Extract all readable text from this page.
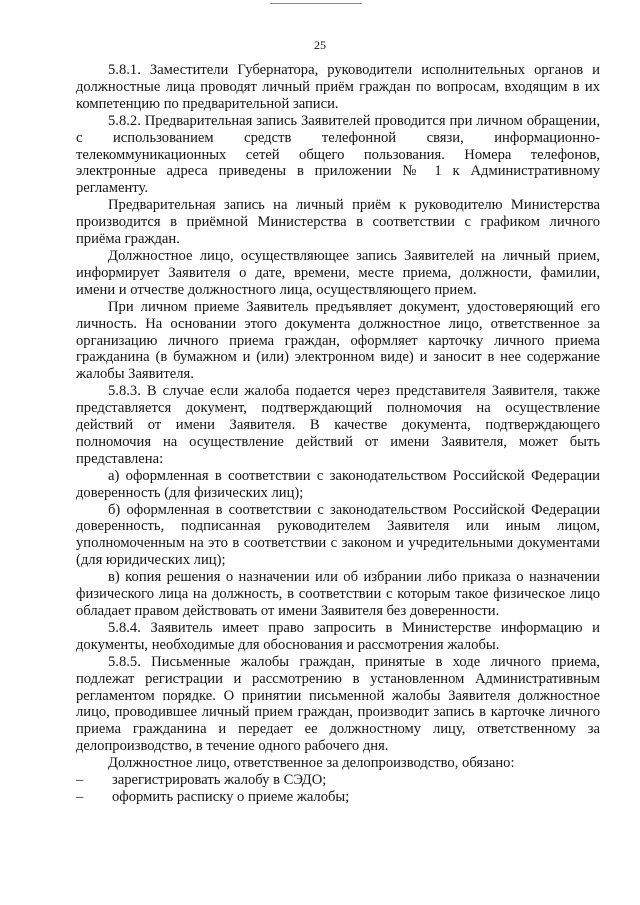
25

5.8.1. Заместители Губернатора, руководители исполнительных органов и должностные лица проводят личный приём граждан по вопросам, входящим в их компетенцию по предварительной записи.

5.8.2. Предварительная запись Заявителей проводится при личном обращении, с использованием средств телефонной связи, информационно-телекоммуникационных сетей общего пользования. Номера телефонов, электронные адреса приведены в приложении № 1 к Административному регламенту.

Предварительная запись на личный приём к руководителю Министерства производится в приёмной Министерства в соответствии с графиком личного приёма граждан.

Должностное лицо, осуществляющее запись Заявителей на личный прием, информирует Заявителя о дате, времени, месте приема, должности, фамилии, имени и отчестве должностного лица, осуществляющего прием.

При личном приеме Заявитель предъявляет документ, удостоверяющий его личность. На основании этого документа должностное лицо, ответственное за организацию личного приема граждан, оформляет карточку личного приема гражданина (в бумажном и (или) электронном виде) и заносит в нее содержание жалобы Заявителя.

5.8.3. В случае если жалоба подается через представителя Заявителя, также представляется документ, подтверждающий полномочия на осуществление действий от имени Заявителя. В качестве документа, подтверждающего полномочия на осуществление действий от имени Заявителя, может быть представлена:

а) оформленная в соответствии с законодательством Российской Федерации доверенность (для физических лиц);

б) оформленная в соответствии с законодательством Российской Федерации доверенность, подписанная руководителем Заявителя или иным лицом, уполномоченным на это в соответствии с законом и учредительными документами (для юридических лиц);

в) копия решения о назначении или об избрании либо приказа о назначении физического лица на должность, в соответствии с которым такое физическое лицо обладает правом действовать от имени Заявителя без доверенности.

5.8.4. Заявитель имеет право запросить в Министерстве информацию и документы, необходимые для обоснования и рассмотрения жалобы.

5.8.5. Письменные жалобы граждан, принятые в ходе личного приема, подлежат регистрации и рассмотрению в установленном Административным регламентом порядке. О принятии письменной жалобы Заявителя должностное лицо, проводившее личный прием граждан, производит запись в карточке личного приема гражданина и передает ее должностному лицу, ответственному за делопроизводство, в течение одного рабочего дня.

Должностное лицо, ответственное за делопроизводство, обязано:

–	зарегистрировать жалобу в СЭДО;
–	оформить расписку о приеме жалобы;
